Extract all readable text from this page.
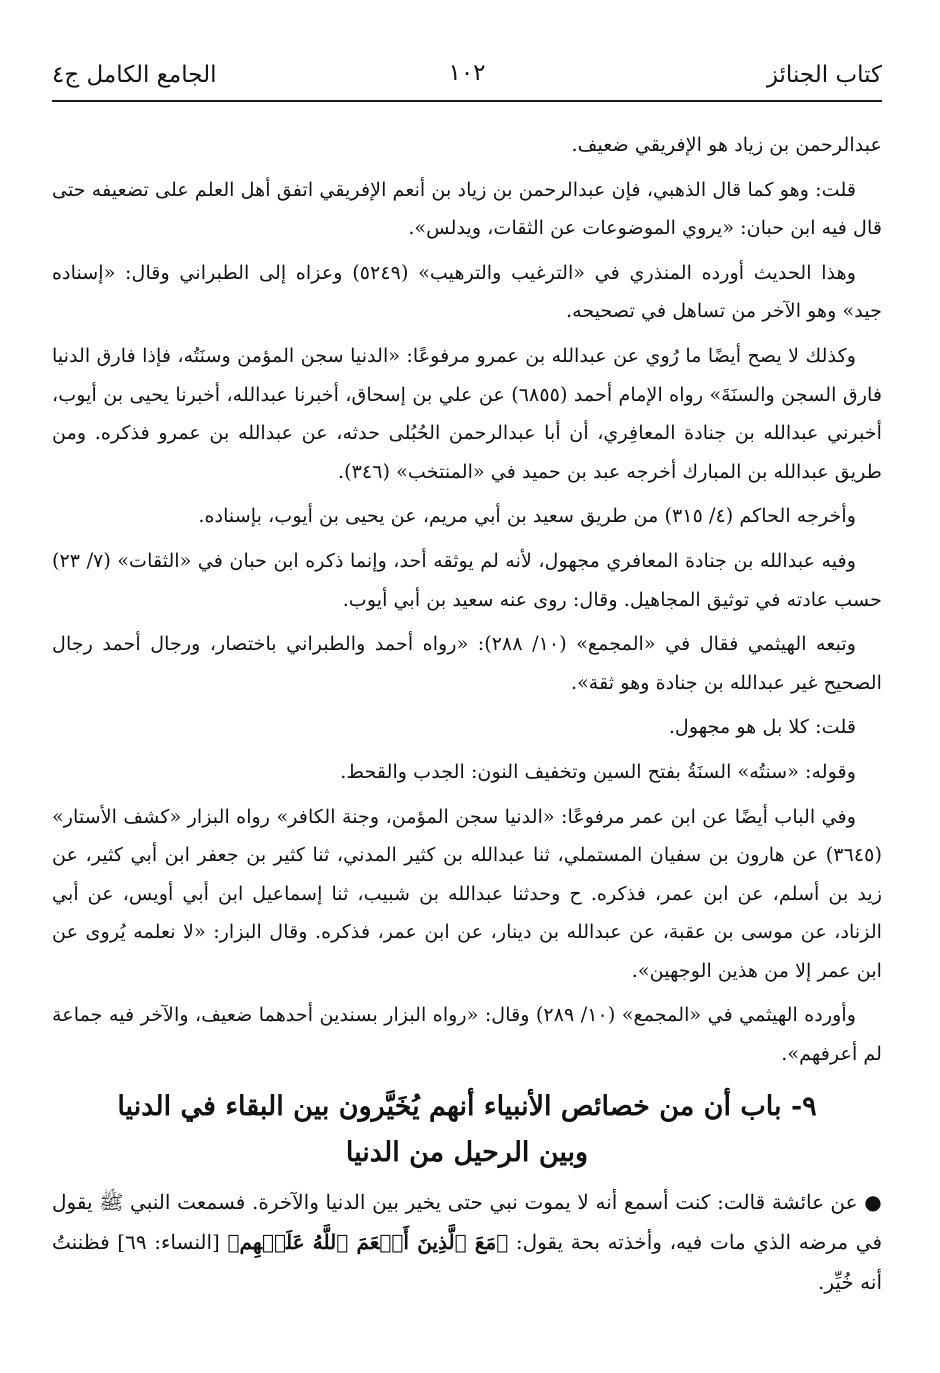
كتاب الجنائز
١٠٢
الجامع الكامل ج٤

عبدالرحمن بن زياد هو الإفريقي ضعيف.

قلت: وهو كما قال الذهبي، فإن عبدالرحمن بن زياد بن أنعم الإفريقي اتفق أهل العلم على تضعيفه حتى قال فيه ابن حبان: «يروي الموضوعات عن الثقات، ويدلس».

وهذا الحديث أورده المنذري في «الترغيب والترهيب» (٥٢٤٩) وعزاه إلى الطبراني وقال: «إسناده جيد» وهو الآخر من تساهل في تصحيحه.

وكذلك لا يصح أيضًا ما رُوي عن عبدالله بن عمرو مرفوعًا: «الدنيا سجن المؤمن وسنَتُه، فإذا فارق الدنيا فارق السجن والسنَةَ» رواه الإمام أحمد (٦٨٥٥) عن علي بن إسحاق، أخبرنا عبدالله، أخبرنا يحيى بن أيوب، أخبرني عبدالله بن جنادة المعافِري، أن أبا عبدالرحمن الحُبُلى حدثه، عن عبدالله بن عمرو فذكره. ومن طريق عبدالله بن المبارك أخرجه عبد بن حميد في «المنتخب» (٣٤٦).

وأخرجه الحاكم (٤/ ٣١٥) من طريق سعيد بن أبي مريم، عن يحيى بن أيوب، بإسناده.

وفيه عبدالله بن جنادة المعافري مجهول، لأنه لم يوثقه أحد، وإنما ذكره ابن حبان في «الثقات» (٧/ ٢٣) حسب عادته في توثيق المجاهيل. وقال: روى عنه سعيد بن أبي أيوب.

وتبعه الهيثمي فقال في «المجمع» (١٠/ ٢٨٨): «رواه أحمد والطبراني باختصار، ورجال أحمد رجال الصحيح غير عبدالله بن جنادة وهو ثقة».

قلت: كلا بل هو مجهول.

وقوله: «سنتُه» السنَةُ بفتح السين وتخفيف النون: الجدب والقحط.

وفي الباب أيضًا عن ابن عمر مرفوعًا: «الدنيا سجن المؤمن، وجنة الكافر» رواه البزار «كشف الأستار» (٣٦٤٥) عن هارون بن سفيان المستملي، ثنا عبدالله بن كثير المدني، ثنا كثير بن جعفر ابن أبي كثير، عن زيد بن أسلم، عن ابن عمر، فذكره. ح وحدثنا عبدالله بن شبيب، ثنا إسماعيل ابن أبي أويس، عن أبي الزناد، عن موسى بن عقبة، عن عبدالله بن دينار، عن ابن عمر، فذكره. وقال البزار: «لا نعلمه يُروى عن ابن عمر إلا من هذين الوجهين».

وأورده الهيثمي في «المجمع» (١٠/ ٢٨٩) وقال: «رواه البزار بسندين أحدهما ضعيف، والآخر فيه جماعة لم أعرفهم».

٩- باب أن من خصائص الأنبياء أنهم يُخَيَّرون بين البقاء في الدنيا
وبين الرحيل من الدنيا

● عن عائشة قالت: كنت أسمع أنه لا يموت نبي حتى يخير بين الدنيا والآخرة. فسمعت النبي ﷺ يقول في مرضه الذي مات فيه، وأخذته بحة يقول: ﴿مَعَ ٱلَّذِينَ أَنۡعَمَ ٱللَّهُ عَلَيۡهِم﴾ [النساء: ٦٩] فظننتُ أنه خُيِّر.
